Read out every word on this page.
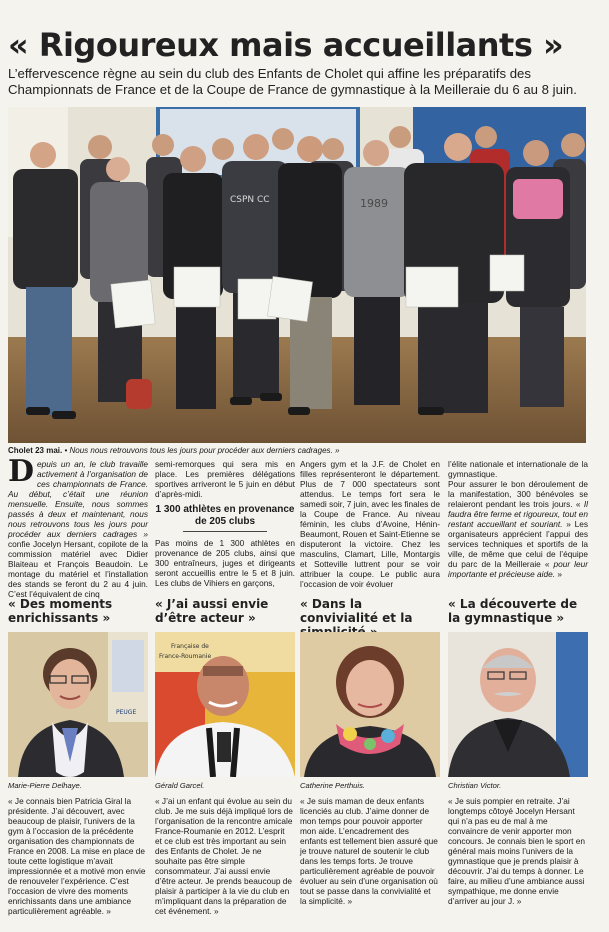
« Rigoureux mais accueillants »

L’effervescence règne au sein du club des Enfants de Cholet qui affine les préparatifs des Championnats de France et de la Coupe de France de gymnastique à la Meilleraie du 6 au 8 juin.

CSPN CC	1989
Cholet 23 mai. • Nous nous retrouvons tous les jours pour procéder aux derniers cadrages. »
Depuis un an, le club travaille activement à l’organisation de ces championnats de France. Au début, c’était une réunion mensuelle. Ensuite, nous sommes passés à deux et maintenant, nous nous retrouvons tous les jours pour procéder aux derniers cadrages » confie Jocelyn Hersant, copilote de la commission matériel avec Didier Blaiteau et François Beaudoin. Le montage du matériel et l’installation des stands se feront du 2 au 4 juin. C’est l’équivalent de cinq
semi-remorques qui sera mis en place. Les premières délégations sportives arriveront le 5 juin en début d’après-midi.
1 300 athlètes en provenance de 205 clubs
Pas moins de 1 300 athlètes en provenance de 205 clubs, ainsi que 300 entraîneurs, juges et dirigeants seront accueillis entre le 5 et 8 juin. Les clubs de Vihiers en garçons,
Angers gym et la J.F. de Cholet en filles représenteront le département. Plus de 7 000 spectateurs sont attendus. Le temps fort sera le samedi soir, 7 juin, avec les finales de la Coupe de France. Au niveau féminin, les clubs d’Avoine, Hénin-Beaumont, Rouen et Saint-Etienne se disputeront la victoire. Chez les masculins, Clamart, Lille, Montargis et Sotteville luttrent pour se voir attribuer la coupe. Le public aura l’occasion de voir évoluer
l’élite nationale et internationale de la gymnastique.
Pour assurer le bon déroulement de la manifestation, 300 bénévoles se relaieront pendant les trois jours. « Il faudra être ferme et rigoureux, tout en restant accueillant et souriant. » Les organisateurs apprécient l’appui des services techniques et sportifs de la ville, de même que celui de l’équipe du parc de la Meilleraie « pour leur importante et précieuse aide. »
« Des moments enrichissants »
« J’ai aussi envie d’être acteur »
« Dans la convivialité et la
« La découverte de la gymnastique »
PEUGE
Française de
France-Roumanie
Marie-Pierre Delhaye.	Gérald Garcel.	Catherine Perthuis.	Christian Victor.

« Je connais bien Patricia Giral la présidente. J’ai découvert, avec beaucoup de plaisir, l’univers de la gym à l’occasion de la précédente organisation des championnats de France en 2008. La mise en place de toute cette logistique m’avait impressionnée et a motivé mon envie de renouveler l’expérience. C’est l’occasion de vivre des moments enrichissants dans une ambiance particulièrement agréable. »

« J’ai un enfant qui évolue au sein du club. Je me suis déjà impliqué lors de l’organisation de la rencontre amicale France-Roumanie en 2012. L’esprit et ce club est très important au sein des Enfants de Cholet. Je ne souhaite pas être simple consommateur. J’ai aussi envie d’être acteur. Je prends beaucoup de plaisir à participer à la vie du club en m’impliquant dans la préparation de cet événement. »

« Je suis maman de deux enfants licenciés au club. J’aime donner de mon temps pour pouvoir apporter mon aide. L’encadrement des enfants est tellement bien assuré que je trouve naturel de soutenir le club dans les temps forts. Je trouve particulièrement agréable de pouvoir évoluer au sein d’une organisation où tout se passe dans la convivialité et la simplicité. »

« Je suis pompier en retraite. J’ai longtemps côtoyé Jocelyn Hersant qui n’a pas eu de mal à me convaincre de venir apporter mon concours. Je connais bien le sport en général mais moins l’univers de la gymnastique que je prends plaisir à découvrir. J’ai du temps à donner. Le faire, au milieu d’une ambiance aussi sympathique, me donne envie d’arriver au jour J. »
